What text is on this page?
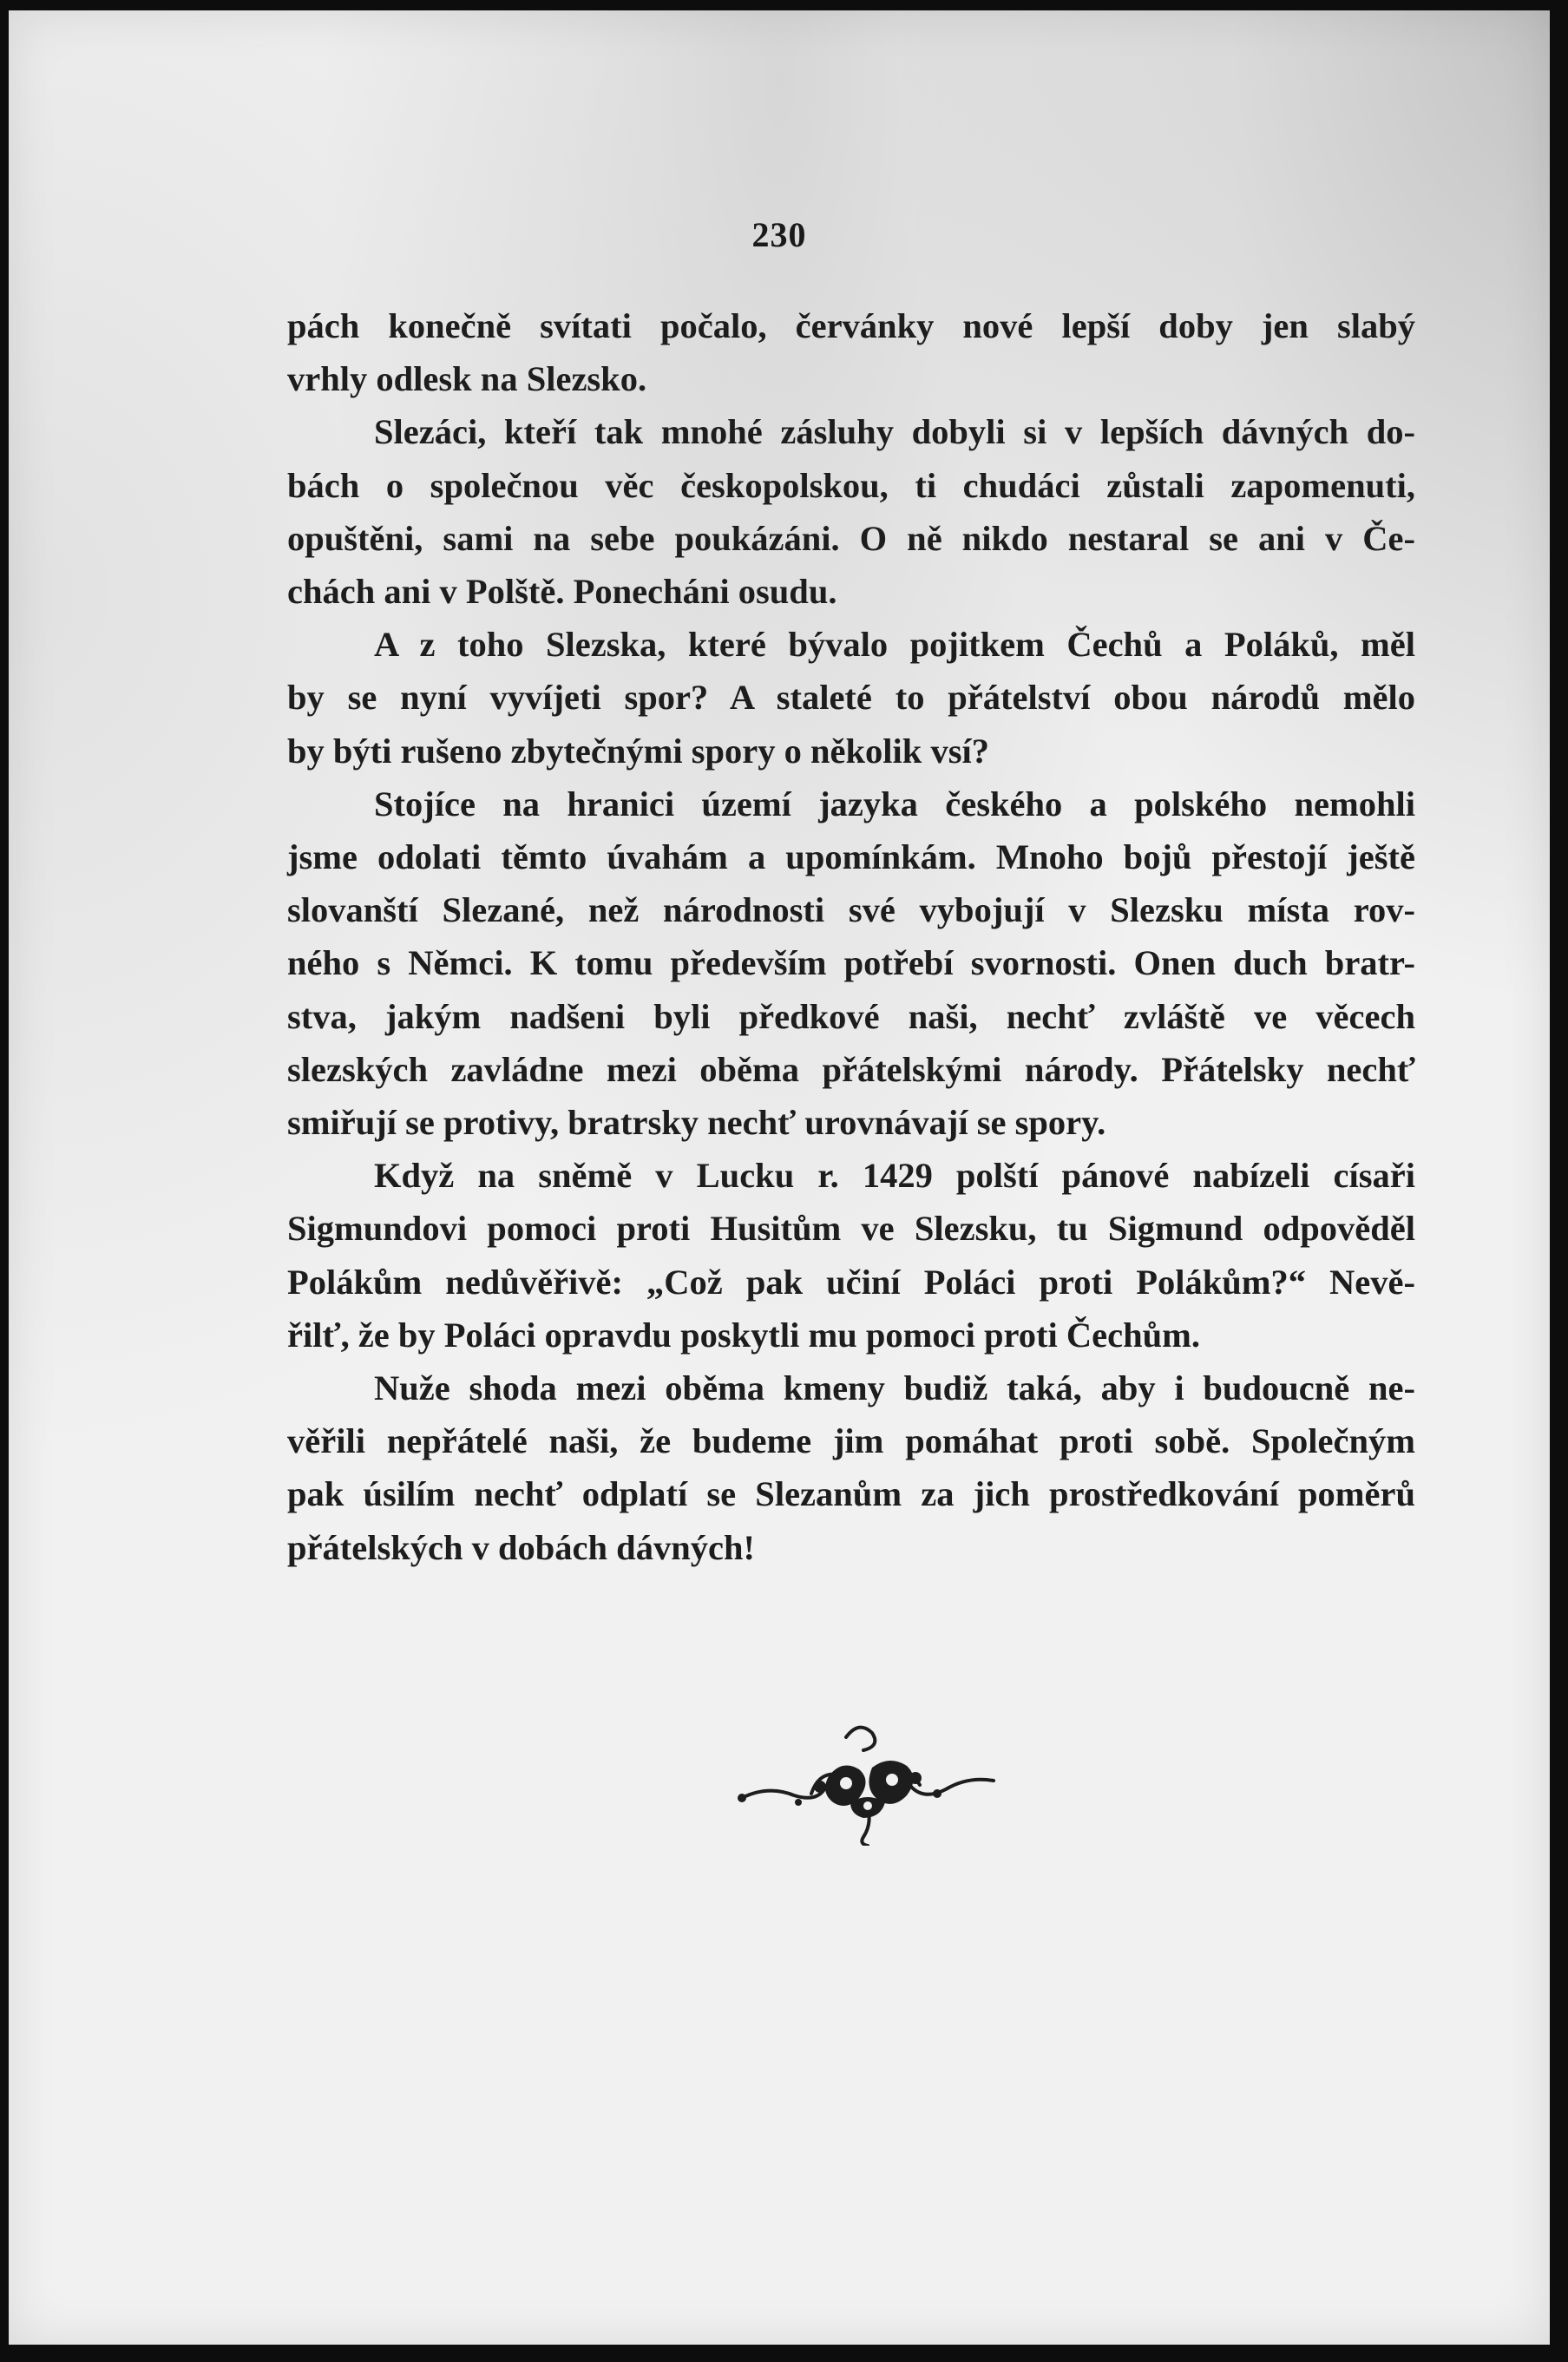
230

pách konečně svítati počalo, červánky nové lepší doby jen slabý
vrhly odlesk na Slezsko.

Slezáci, kteří tak mnohé zásluhy dobyli si v lepších dávných do-
bách o společnou věc českopolskou, ti chudáci zůstali zapomenuti,
opuštěni, sami na sebe poukázáni. O ně nikdo nestaral se ani v Če-
chách ani v Polště. Ponecháni osudu.

A z toho Slezska, které bývalo pojitkem Čechů a Poláků, měl
by se nyní vyvíjeti spor? A staleté to přátelství obou národů mělo
by býti rušeno zbytečnými spory o několik vsí?

Stojíce na hranici území jazyka českého a polského nemohli
jsme odolati těmto úvahám a upomínkám. Mnoho bojů přestojí ještě
slovanští Slezané, než národnosti své vybojují v Slezsku místa rov-
ného s Němci. K tomu především potřebí svornosti. Onen duch bratr-
stva, jakým nadšeni byli předkové naši, nechť zvláště ve věcech
slezských zavládne mezi oběma přátelskými národy. Přátelsky nechť
smiřují se protivy, bratrsky nechť urovnávají se spory.

Když na sněmě v Lucku r. 1429 polští pánové nabízeli císaři
Sigmundovi pomoci proti Husitům ve Slezsku, tu Sigmund odpověděl
Polákům nedůvěřivě: „Což pak učiní Poláci proti Polákům?“ Nevě-
řilť, že by Poláci opravdu poskytli mu pomoci proti Čechům.

Nuže shoda mezi oběma kmeny budiž taká, aby i budoucně ne-
věřili nepřátelé naši, že budeme jim pomáhat proti sobě. Společným
pak úsilím nechť odplatí se Slezanům za jich prostředkování poměrů
přátelských v dobách dávných!
